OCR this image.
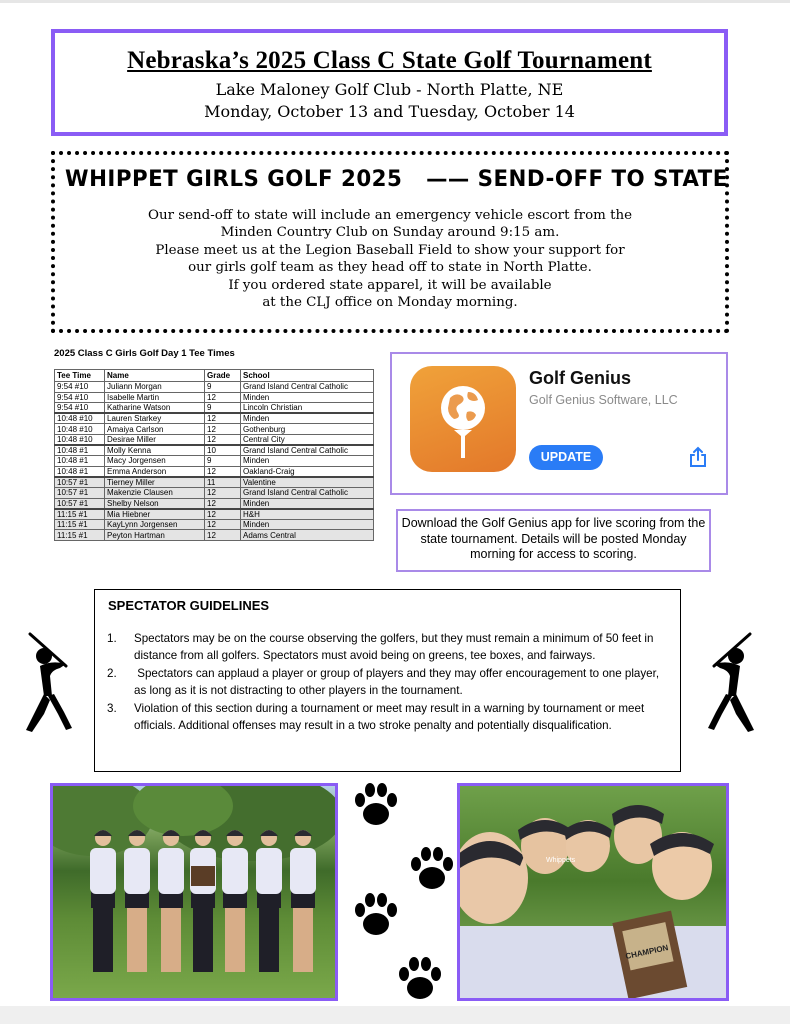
Nebraska’s 2025 Class C State Golf Tournament
Lake Maloney Golf Club - North Platte, NE
Monday, October 13 and Tuesday, October 14
WHIPPET GIRLS GOLF 2025   —— SEND-OFF TO STATE
Our send-off to state will include an emergency vehicle escort from the
Minden Country Club on Sunday around 9:15 am.
Please meet us at the Legion Baseball Field to show your support for
our girls golf team as they head off to state in North Platte.
If you ordered state apparel, it will be available
at the CLJ office on Monday morning.
2025 Class C Girls Golf Day 1 Tee Times
Tee Time	Name	Grade	School
9:54 #10	Juliann Morgan	9	Grand Island Central Catholic
9:54 #10	Isabelle Martin	12	Minden
9:54 #10	Katharine Watson	9	Lincoln Christian
10:48 #10	Lauren Starkey	12	Minden
10:48 #10	Amaiya Carlson	12	Gothenburg
10:48 #10	Desirae Miller	12	Central City
10:48 #1	Molly Kenna	10	Grand Island Central Catholic
10:48 #1	Macy Jorgensen	9	Minden
10:48 #1	Emma Anderson	12	Oakland-Craig
10:57 #1	Tierney Miller	11	Valentine
10:57 #1	Makenzie Clausen	12	Grand Island Central Catholic
10:57 #1	Shelby Nelson	12	Minden
11:15 #1	Mia Hiebner	12	H&H
11:15 #1	KayLynn Jorgensen	12	Minden
11:15 #1	Peyton Hartman	12	Adams Central
Golf Genius
Golf Genius Software, LLC
UPDATE
Download the Golf Genius app for live scoring from the state tournament. Details will be posted Monday morning for access to scoring.
SPECTATOR GUIDELINES
1.	Spectators may be on the course observing the golfers, but they must remain a minimum of 50 feet in distance from all golfers. Spectators must avoid being on greens, tee boxes, and fairways.
2.	Spectators can applaud a player or group of players and they may offer encouragement to one player, as long as it is not distracting to other players in the tournament.
3.	Violation of this section during a tournament or meet may result in a warning by tournament or meet officials. Additional offenses may result in a two stroke penalty and potentially disqualification.
CHAMPION
Whippets
